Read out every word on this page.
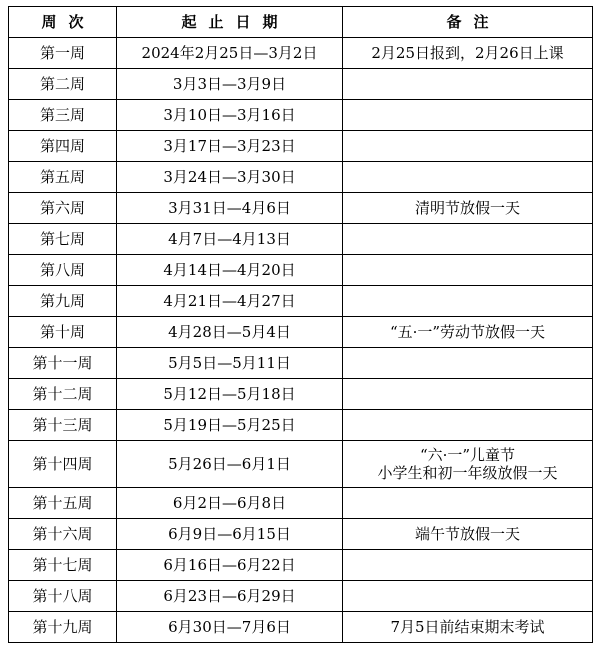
周次	起止日期	备注
第一周	2024年2月25日—3月2日	2月25日报到，2月26日上课

第二周	3月3日—3月9日	
第三周	3月10日—3月16日	
第四周	3月17日—3月23日	
第五周	3月24日—3月30日	
第六周	3月31日—4月6日	清明节放假一天

第七周	4月7日—4月13日	
第八周	4月14日—4月20日	
第九周	4月21日—4月27日	
第十周	4月28日—5月4日	“五·一”劳动节放假一天

第十一周	5月5日—5月11日	
第十二周	5月12日—5月18日	
第十三周	5月19日—5月25日	
第十四周	5月26日—6月1日	“六·一”儿童节
小学生和初一年级放假一天

第十五周	6月2日—6月8日	
第十六周	6月9日—6月15日	端午节放假一天

第十七周	6月16日—6月22日	
第十八周	6月23日—6月29日	
第十九周	6月30日—7月6日	7月5日前结束期末考试
